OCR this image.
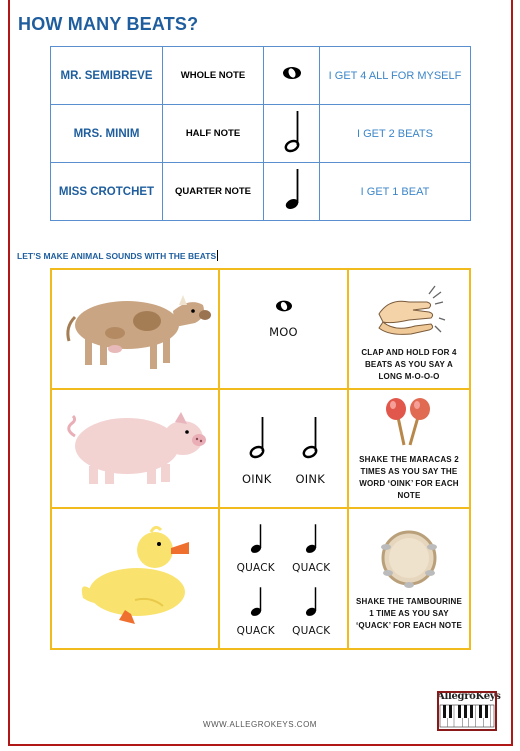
HOW MANY BEATS?
MR. SEMIBREVE	WHOLE NOTE		I GET 4 ALL FOR MYSELF
MRS. MINIM	HALF NOTE		I GET 2 BEATS
MISS CROTCHET	QUARTER NOTE		I GET 1 BEAT

LET’S MAKE ANIMAL SOUNDS WITH THE BEATS

MOO	CLAP AND HOLD FOR 4 BEATS AS YOU SAY A LONG M-O-O-O

OINK OINK	SHAKE THE MARACAS 2 TIMES AS YOU SAY THE WORD ‘OINK’ FOR EACH NOTE

QUACK QUACK
QUACK QUACK	SHAKE THE TAMBOURINE 1 TIME AS YOU SAY ‘QUACK’ FOR EACH NOTE
AllegroKeys
WWW.ALLEGROKEYS.COM
